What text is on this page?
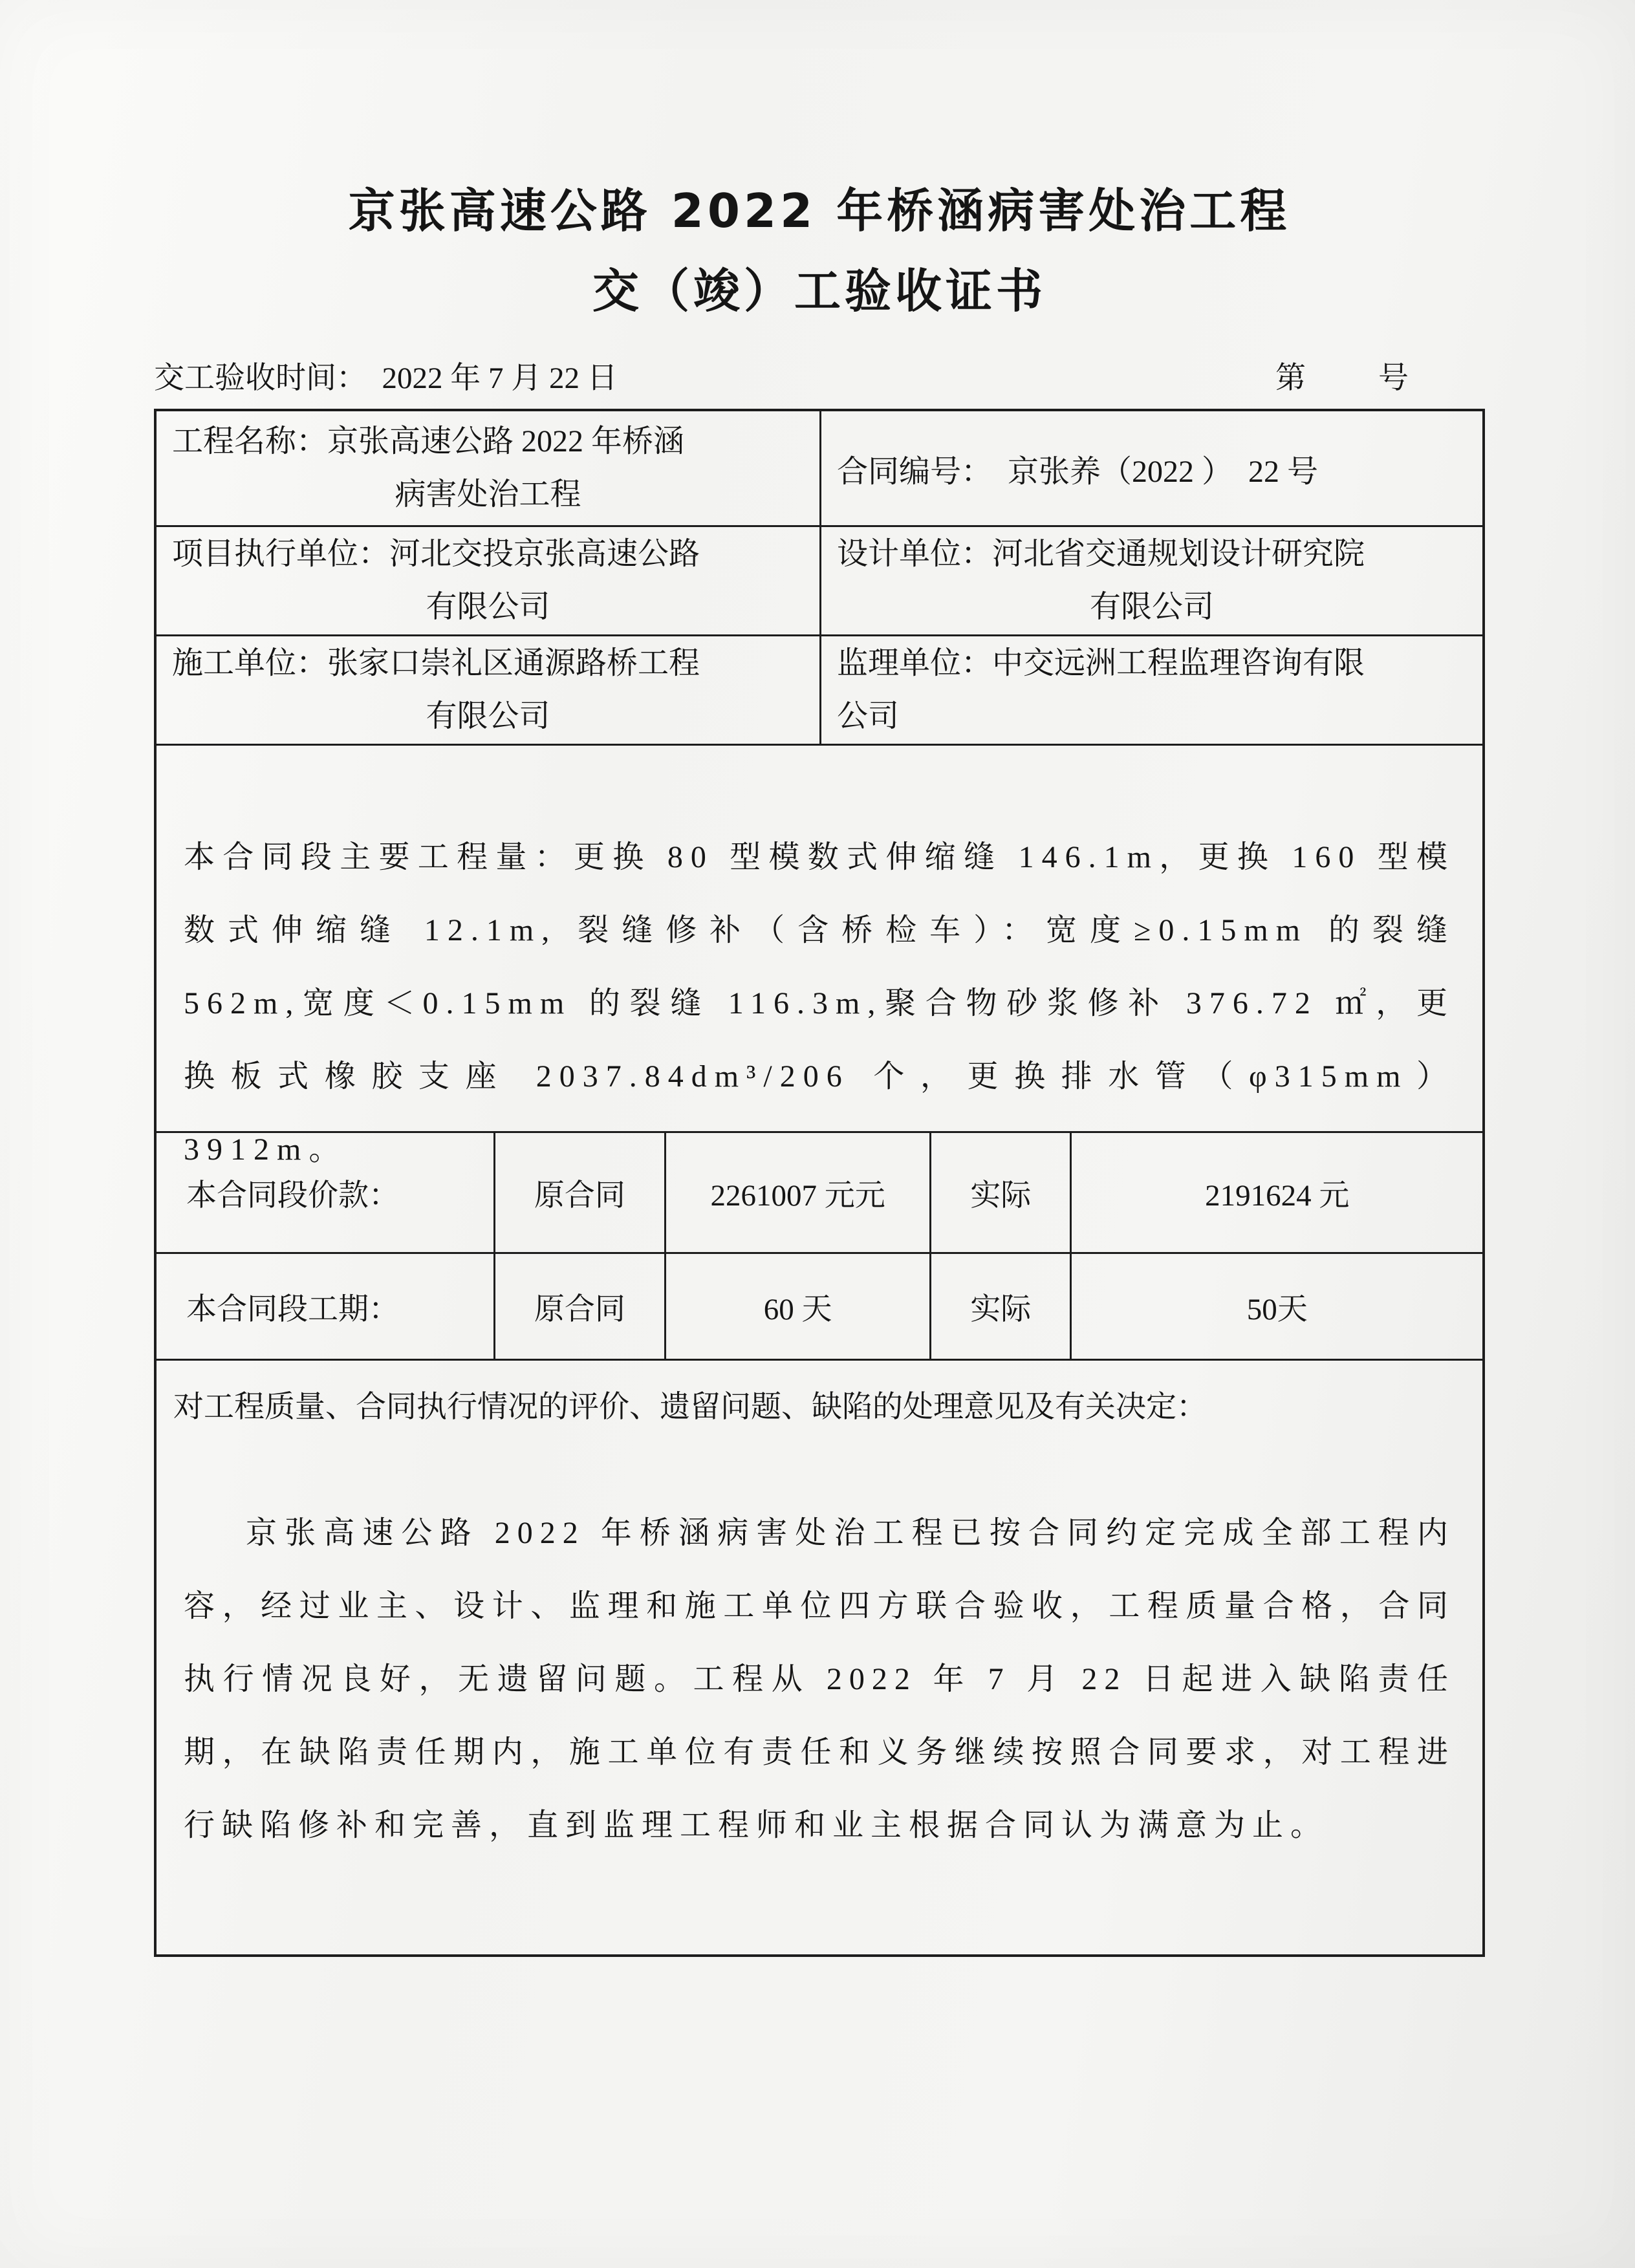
京张高速公路 2022 年桥涵病害处治工程
交（竣）工验收证书
交工验收时间：　2022 年 7 月 22 日	第 号
工程名称：京张高速公路 2022 年桥涵
病害处治工程
合同编号：　京张养（2022 ）　22 号
项目执行单位：河北交投京张高速公路
有限公司
设计单位：河北省交通规划设计研究院
有限公司
施工单位：张家口崇礼区通源路桥工程
有限公司
监理单位：中交远洲工程监理咨询有限
公司
本合同段主要工程量：更换 80 型模数式伸缩缝 146.1m，更换 160 型模数式伸缩缝 12.1m, 裂缝修补（含桥检车）：宽度≥0.15mm 的裂缝 562m,宽度＜0.15mm 的裂缝 116.3m,聚合物砂浆修补 376.72 ㎡，更换板式橡胶支座 2037.84dm³/206 个，更换排水管（φ315mm）3912m。
本合同段价款：	原合同	2261007 元元	实际	2191624 元
本合同段工期：	原合同	60 天	实际	50天
对工程质量、合同执行情况的评价、遗留问题、缺陷的处理意见及有关决定：
京张高速公路 2022 年桥涵病害处治工程已按合同约定完成全部工程内容，经过业主、设计、监理和施工单位四方联合验收，工程质量合格，合同执行情况良好，无遗留问题。工程从 2022 年 7 月 22 日起进入缺陷责任期，在缺陷责任期内，施工单位有责任和义务继续按照合同要求，对工程进行缺陷修补和完善，直到监理工程师和业主根据合同认为满意为止。
